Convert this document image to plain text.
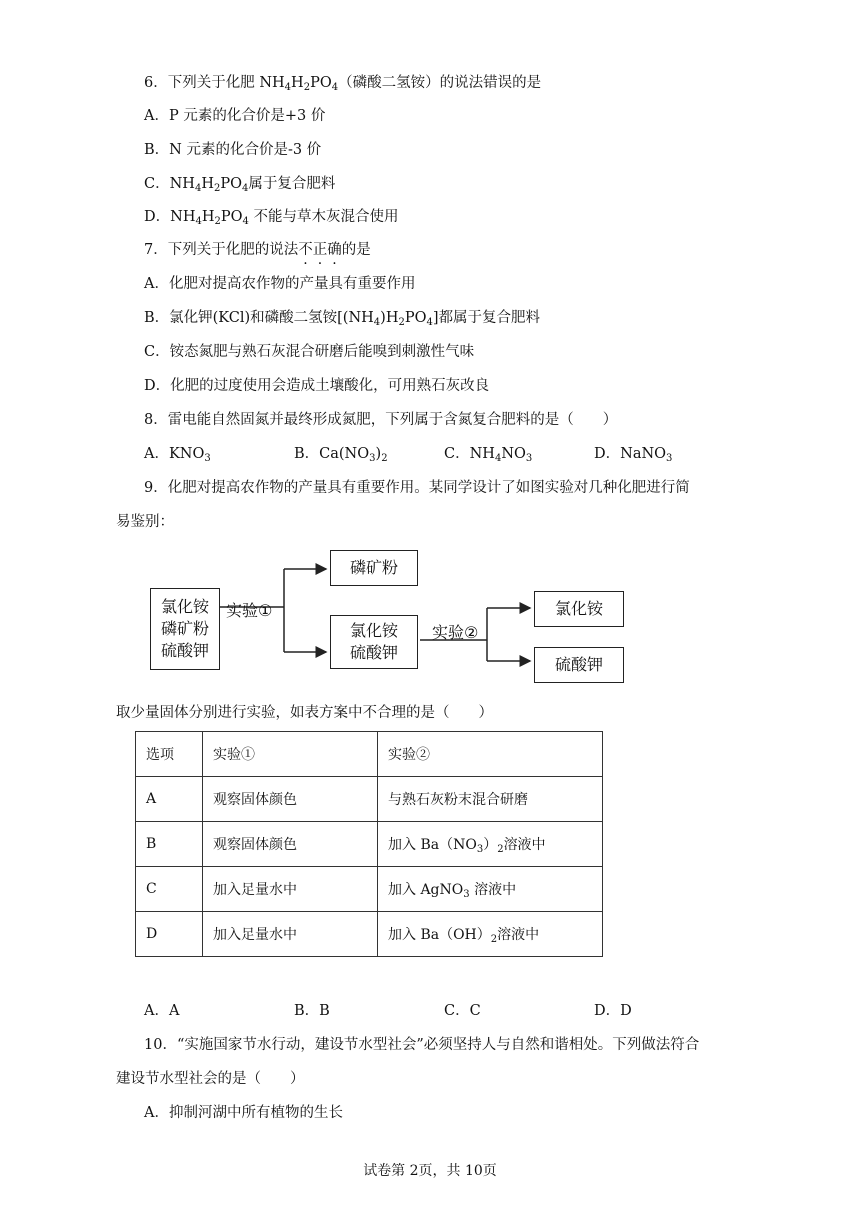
6．下列关于化肥 $NH_4H_2PO_4$（磷酸二氢铵）的说法错误的是
A．P 元素的化合价是+3 价
B．N 元素的化合价是-3 价
C．$NH_4H_2PO_4$属于复合肥料
D．$NH_4H_2PO_4$ 不能与草木灰混合使用
7．下列关于化肥的说法不正确的是
A．化肥对提高农作物的产量具有重要作用
B．氯化钾(KCl)和磷酸二氢铵$[(NH_4)H_2PO_4]$都属于复合肥料
C．铵态氮肥与熟石灰混合研磨后能嗅到刺激性气味
D．化肥的过度使用会造成土壤酸化，可用熟石灰改良
8．雷电能自然固氮并最终形成氮肥，下列属于含氮复合肥料的是（　　）
A．$KNO_3$	B．$Ca(NO_3)_2$	C．$NH_4NO_3$	D．NaNO$_3$
9．化肥对提高农作物的产量具有重要作用。某同学设计了如图实验对几种化肥进行简
易鉴别：
氯化铵
磷矿粉
硫酸钾
实验①
磷矿粉
氯化铵
硫酸钾
实验②
氯化铵
硫酸钾
取少量固体分别进行实验，如表方案中不合理的是（　　）
选项	实验①	实验②
A	观察固体颜色	与熟石灰粉末混合研磨
B	观察固体颜色	加入 $Ba(NO_3)_2$溶液中
C	加入足量水中	加入 AgNO$_3$ 溶液中
D	加入足量水中	加入 $Ba(OH)_2$溶液中
A．A	B．B	C．C	D．D
10．“实施国家节水行动，建设节水型社会”必须坚持人与自然和谐相处。下列做法符合
建设节水型社会的是（　　）
A．抑制河湖中所有植物的生长
试卷第 2页，共 10页
